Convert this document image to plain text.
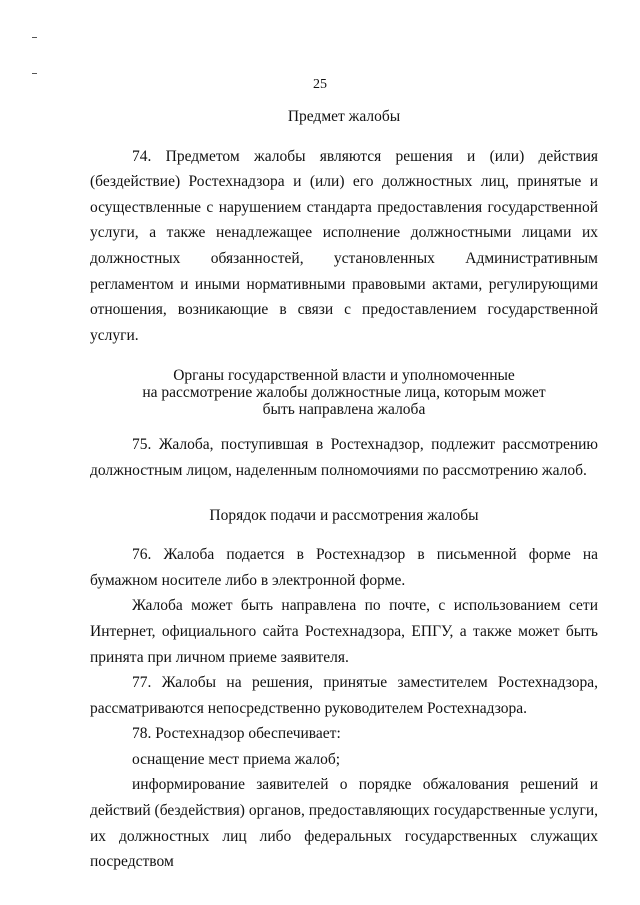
25

Предмет жалобы

74. Предметом жалобы являются решения и (или) действия (бездействие) Ростехнадзора и (или) его должностных лиц, принятые и осуществленные с нарушением стандарта предоставления государственной услуги, а также ненадлежащее исполнение должностными лицами их должностных обязанностей, установленных Административным регламентом и иными нормативными правовыми актами, регулирующими отношения, возникающие в связи с предоставлением государственной услуги.

Органы государственной власти и уполномоченные

на рассмотрение жалобы должностные лица, которым может

быть направлена жалоба

75. Жалоба, поступившая в Ростехнадзор, подлежит рассмотрению должностным лицом, наделенным полномочиями по рассмотрению жалоб.

Порядок подачи и рассмотрения жалобы

76. Жалоба подается в Ростехнадзор в письменной форме на бумажном носителе либо в электронной форме.

Жалоба может быть направлена по почте, с использованием сети Интернет, официального сайта Ростехнадзора, ЕПГУ, а также может быть принята при личном приеме заявителя.

77. Жалобы на решения, принятые заместителем Ростехнадзора, рассматриваются непосредственно руководителем Ростехнадзора.

78. Ростехнадзор обеспечивает:

оснащение мест приема жалоб;

информирование заявителей о порядке обжалования решений и действий (бездействия) органов, предоставляющих государственные услуги, их должностных лиц либо федеральных государственных служащих посредством
